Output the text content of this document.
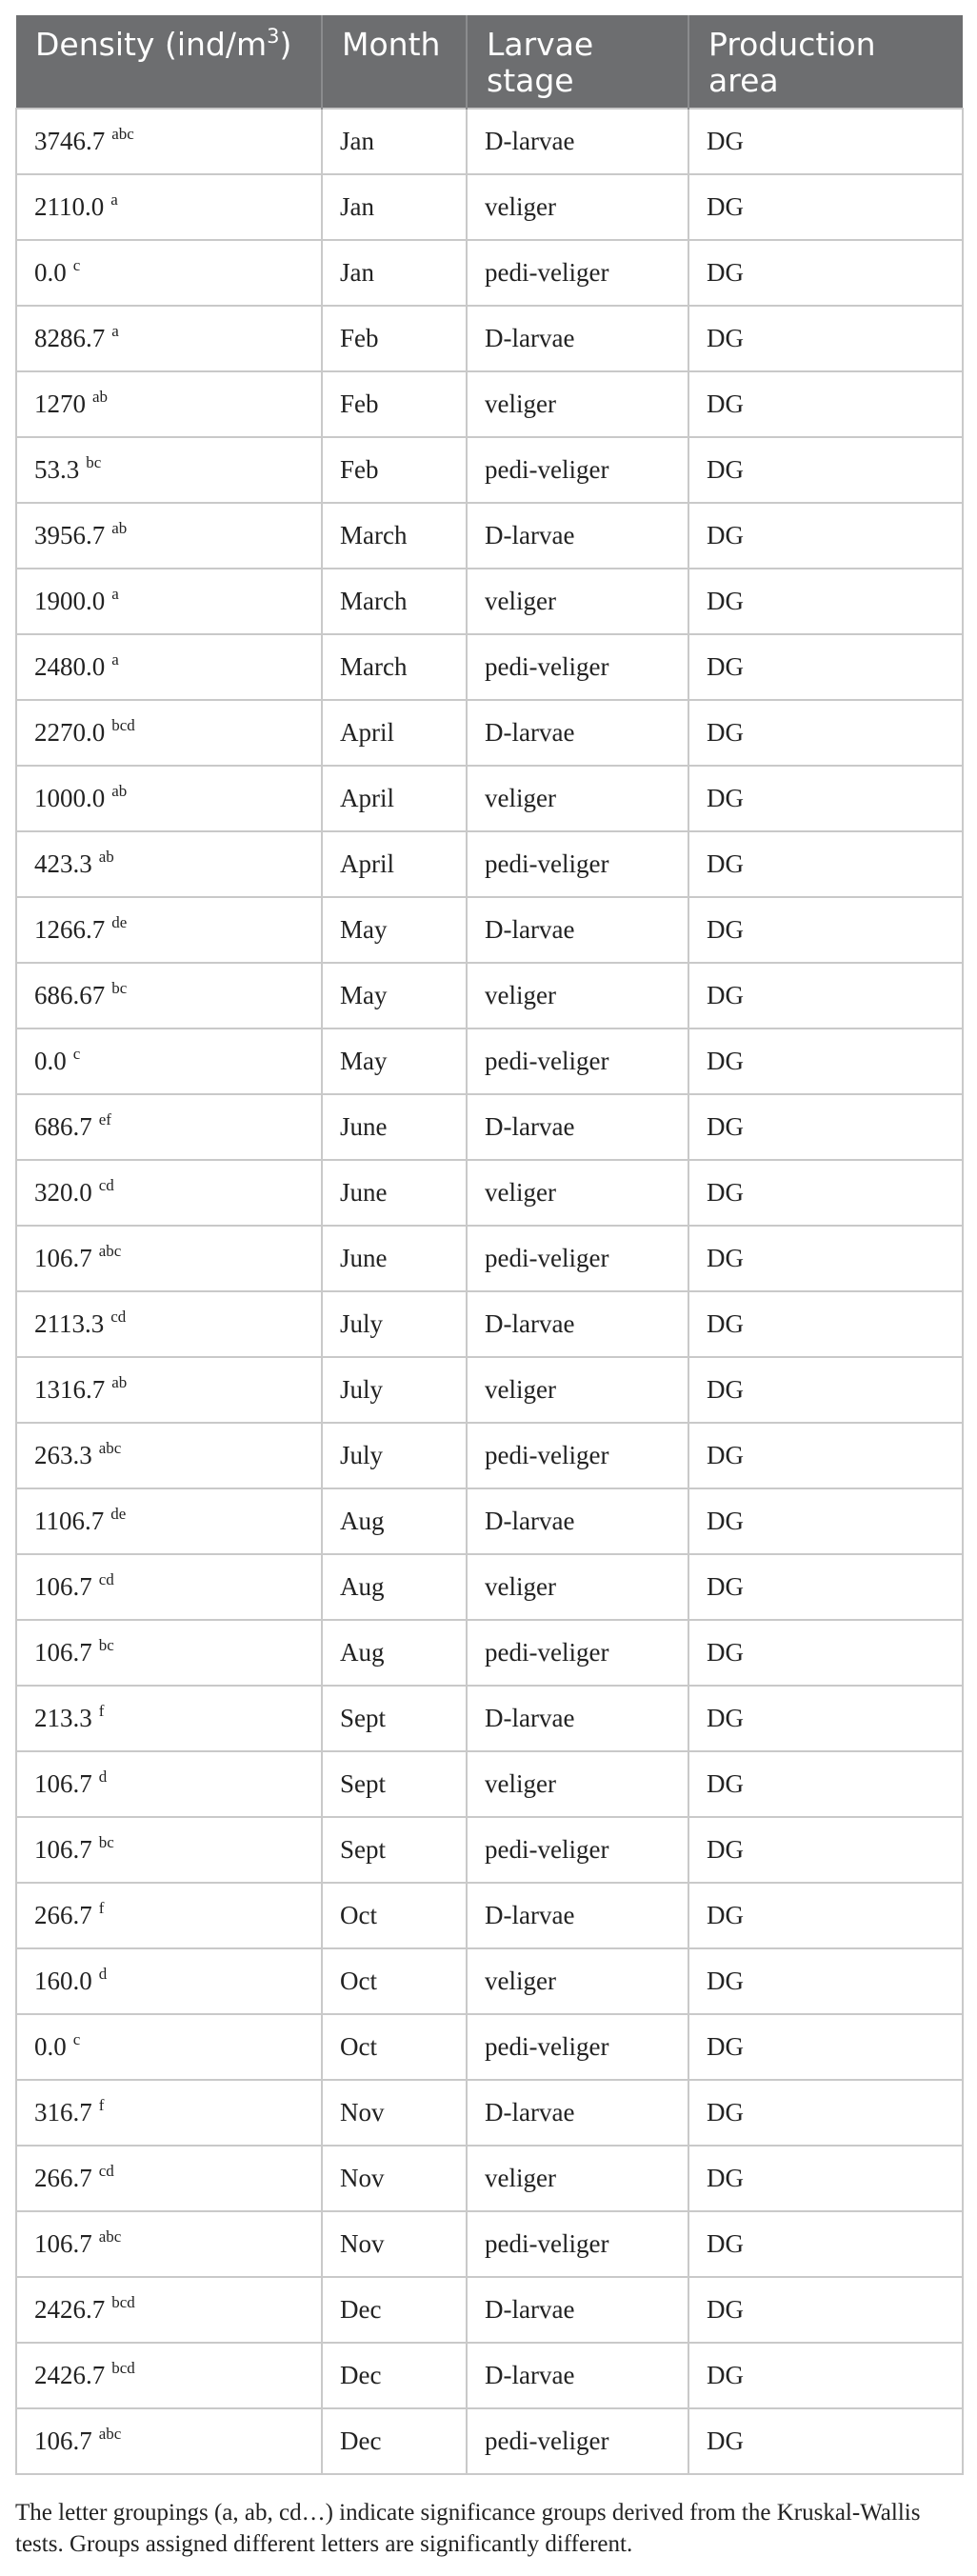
Density $(ind/m^3)$	Month	Larvae stage	Production area
3746.7 $^{abc}$	Jan	D-larvae	DG
2110.0 $^a$	Jan	veliger	DG
0.0 $^c$	Jan	pedi-veliger	DG
8286.7 $^a$	Feb	D-larvae	DG
1270 $^{ab}$	Feb	veliger	DG
53.3 $^{bc}$	Feb	pedi-veliger	DG
3956.7 $^{ab}$	March	D-larvae	DG
1900.0 $^a$	March	veliger	DG
2480.0 $^a$	March	pedi-veliger	DG
2270.0 $^{bcd}$	April	D-larvae	DG
1000.0 $^{ab}$	April	veliger	DG
423.3 $^{ab}$	April	pedi-veliger	DG
1266.7 $^{de}$	May	D-larvae	DG
686.67 $^{bc}$	May	veliger	DG
0.0 $^c$	May	pedi-veliger	DG
686.7 $^{ef}$	June	D-larvae	DG
320.0 $^{cd}$	June	veliger	DG
106.7 $^{abc}$	June	pedi-veliger	DG
2113.3 $^{cd}$	July	D-larvae	DG
1316.7 $^{ab}$	July	veliger	DG
263.3 $^{abc}$	July	pedi-veliger	DG
1106.7 $^{de}$	Aug	D-larvae	DG
106.7 $^{cd}$	Aug	veliger	DG
106.7 $^{bc}$	Aug	pedi-veliger	DG
213.3 $^f$	Sept	D-larvae	DG
106.7 $^d$	Sept	veliger	DG
106.7 $^{bc}$	Sept	pedi-veliger	DG
266.7 $^f$	Oct	D-larvae	DG
160.0 $^d$	Oct	veliger	DG
0.0 $^c$	Oct	pedi-veliger	DG
316.7 $^f$	Nov	D-larvae	DG
266.7 $^{cd}$	Nov	veliger	DG
106.7 $^{abc}$	Nov	pedi-veliger	DG
2426.7 $^{bcd}$	Dec	D-larvae	DG
2426.7 $^{bcd}$	Dec	D-larvae	DG
106.7 $^{abc}$	Dec	pedi-veliger	DG
The letter groupings (a, ab, cd…) indicate significance groups derived from the Kruskal-Wallis tests. Groups assigned different letters are significantly different.
